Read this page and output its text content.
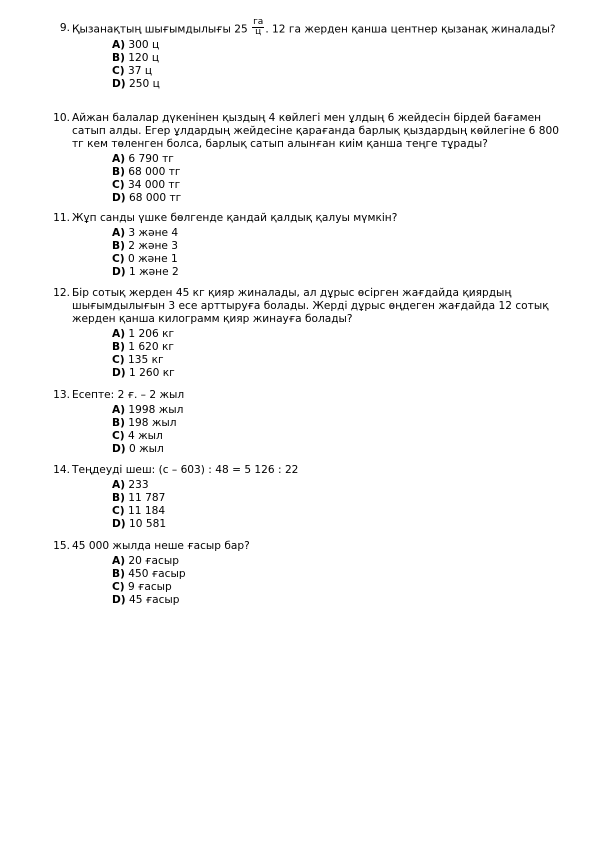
9. Қызанақтың шығымдылығы $25 \frac{га}{ц}$ . 12 га жерден қанша центнер қызанақ жиналады?
A) 300 ц
B) 120 ц
C) 37 ц
D) 250 ц
10. Айжан балалар дүкенінен қыздың 4 көйлегі мен ұлдың 6 жейдесін бірдей бағамен сатып алды. Егер ұлдардың жейдесіне қарағанда барлық қыздардың көйлегіне 6 800 тг кем төленген болса, барлық сатып алынған киім қанша теңге тұрады?
A) 6 790 тг
B) 68 000 тг
C) 34 000 тг
D) 68 000 тг
11. Жұп санды үшке бөлгенде қандай қалдық қалуы мүмкін?
A) 3 және 4
B) 2 және 3
C) 0 және 1
D) 1 және 2
12. Бір сотық жерден 45 кг қияр жиналады, ал дұрыс өсірген жағдайда қиярдың шығымдылығын 3 есе арттыруға болады. Жерді дұрыс өңдеген жағдайда 12 сотық жерден қанша килограмм қияр жинауға болады?
A) 1 206 кг
B) 1 620 кг
C) 135 кг
D) 1 260 кг
13. Есепте: 2 ғ. – 2 жыл
A) 1998 жыл
B) 198 жыл
C) 4 жыл
D) 0 жыл
14. Теңдеуді шеш: (с – 603) : 48 = 5 126 : 22
A) 233
B) 11 787
C) 11 184
D) 10 581
15. 45 000 жылда неше ғасыр бар?
A) 20 ғасыр
B) 450 ғасыр
C) 9 ғасыр
D) 45 ғасыр
